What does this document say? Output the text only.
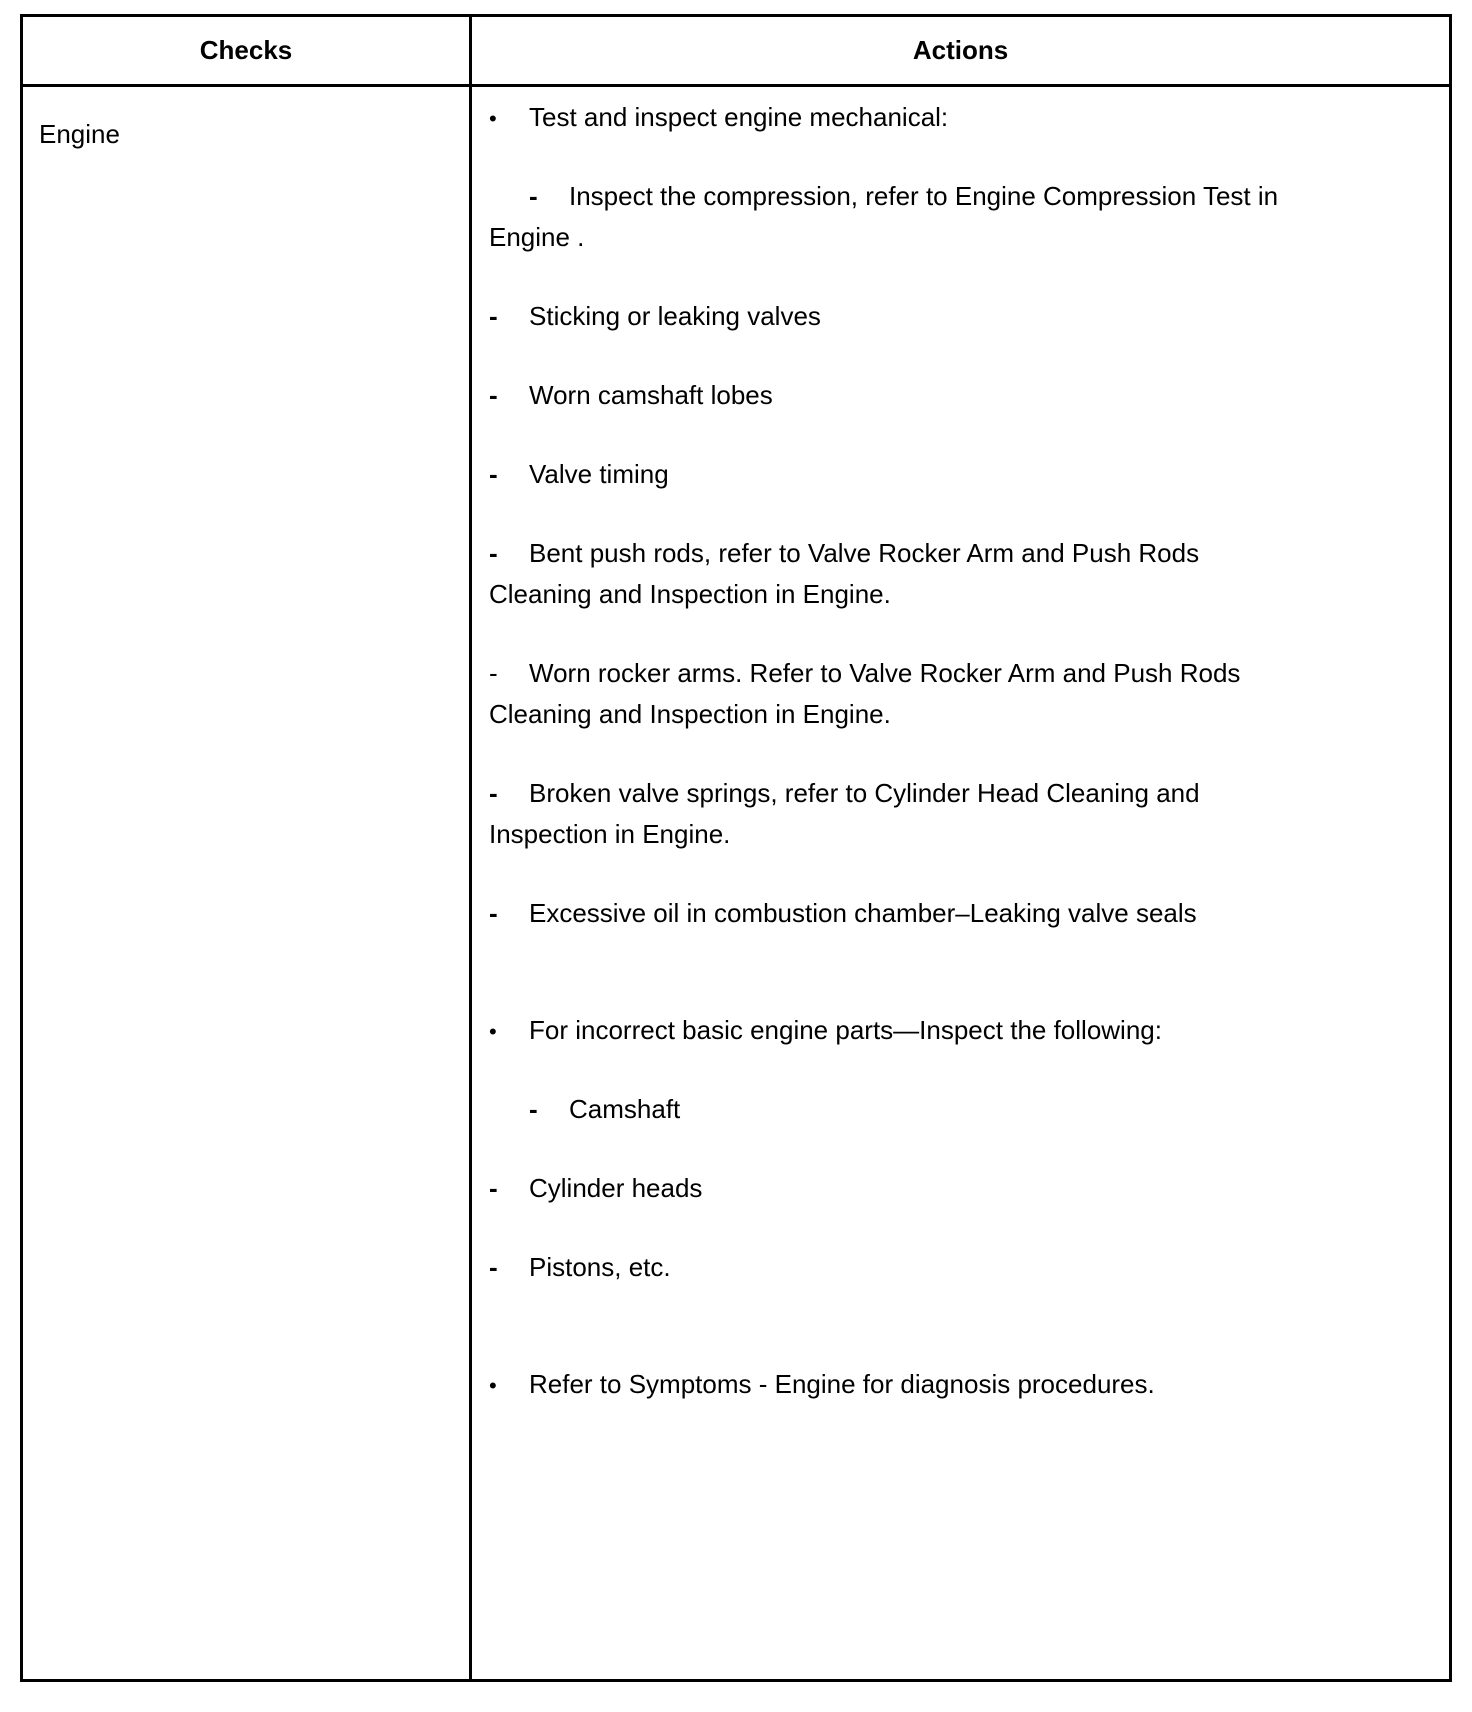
Checks	Actions
Engine
• Test and inspect engine mechanical:
- Inspect the compression, refer to Engine Compression Test in
Engine .
- Sticking or leaking valves
- Worn camshaft lobes
- Valve timing
- Bent push rods, refer to Valve Rocker Arm and Push Rods
Cleaning and Inspection in Engine.
- Worn rocker arms. Refer to Valve Rocker Arm and Push Rods
Cleaning and Inspection in Engine.
- Broken valve springs, refer to Cylinder Head Cleaning and
Inspection in Engine.
- Excessive oil in combustion chamber–Leaking valve seals
• For incorrect basic engine parts—Inspect the following:
- Camshaft
- Cylinder heads
- Pistons, etc.
• Refer to Symptoms - Engine for diagnosis procedures.
